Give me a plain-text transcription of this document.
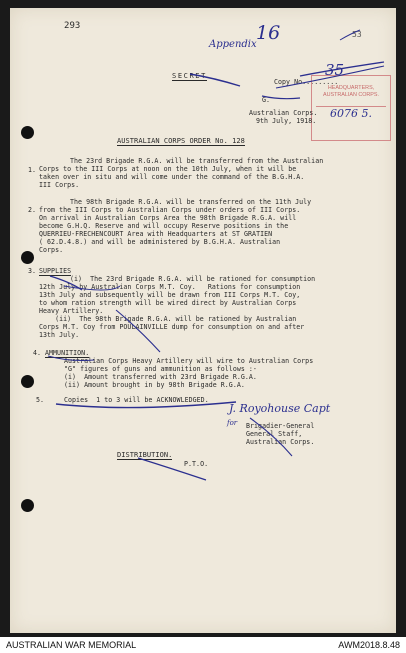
293
Appendix
16	53
SECRET
Copy No.........
35
HEADQUARTERS,
AUSTRALIAN CORPS.
6076 5.
G.
Australian Corps.
9th July, 1918.
AUSTRALIAN CORPS ORDER No. 128
1.
The 23rd Brigade R.G.A. will be transferred from the Australian
Corps to the III Corps at noon on the 10th July, when it will be
taken over in situ and will come under the command of the B.G.H.A.
III Corps.
2.
The 98th Brigade R.G.A. will be transferred on the 11th July
from the III Corps to Australian Corps under orders of III Corps.
On arrival in Australian Corps Area the 98th Brigade R.G.A. will
become G.H.Q. Reserve and will occupy Reserve positions in the
QUERRIEU-FRECHENCOURT Area with Headquarters at ST GRATIEN
( 62.D.4.8.) and will be administered by B.G.H.A. Australian
Corps.
3. SUPPLIES
(i)  The 23rd Brigade R.G.A. will be rationed for consumption
12th July by Australian Corps M.T. Coy.   Rations for consumption
13th July and subsequently will be drawn from III Corps M.T. Coy,
to whom ration strength will be wired direct by Australian Corps
Heavy Artillery.
(ii)  The 98th Brigade R.G.A. will be rationed by Australian
Corps M.T. Coy from POULAINVILLE dump for consumption on and after
13th July.
4. AMMUNITION.
Australian Corps Heavy Artillery will wire to Australian Corps
"G" figures of guns and ammunition as follows :-
(i)  Amount transferred with 23rd Brigade R.G.A.
(ii) Amount brought in by 98th Brigade R.G.A.
5.	Copies  1 to 3 will be ACKNOWLEDGED.
J. Royohouse Capt
for Brigadier-General
General Staff,
Australian Corps.
DISTRIBUTION.
P.T.O.
AUSTRALIAN WAR MEMORIAL	AWM2018.8.48
